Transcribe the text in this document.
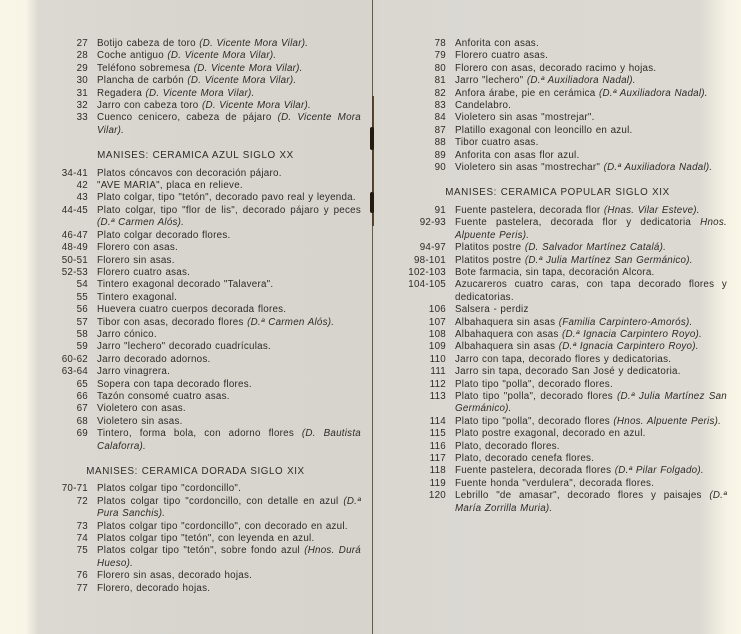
27 Botijo cabeza de toro (D. Vicente Mora Vilar).
28 Coche antiguo (D. Vicente Mora Vilar).
29 Teléfono sobremesa (D. Vicente Mora Vilar).
30 Plancha de carbón (D. Vicente Mora Vilar).
31 Regadera (D. Vicente Mora Vilar).
32 Jarro con cabeza toro (D. Vicente Mora Vilar).
33 Cuenco cenicero, cabeza de pájaro (D. Vicente Mora Vilar).
MANISES: CERAMICA AZUL SIGLO XX
34-41 Platos cóncavos con decoración pájaro.
42 "AVE MARIA", placa en relieve.
43 Plato colgar, tipo "tetón", decorado pavo real y leyenda.
44-45 Plato colgar, tipo "flor de lis", decorado pájaro y peces (D.ª Carmen Alós).
46-47 Plato colgar decorado flores.
48-49 Florero con asas.
50-51 Florero sin asas.
52-53 Florero cuatro asas.
54 Tintero exagonal decorado "Talavera".
55 Tintero exagonal.
56 Huevera cuatro cuerpos decorada flores.
57 Tibor con asas, decorado flores (D.ª Carmen Alós).
58 Jarro cónico.
59 Jarro "lechero" decorado cuadrículas.
60-62 Jarro decorado adornos.
63-64 Jarro vinagrera.
65 Sopera con tapa decorado flores.
66 Tazón consomé cuatro asas.
67 Violetero con asas.
68 Violetero sin asas.
69 Tintero, forma bola, con adorno flores (D. Bautista Calaforra).
MANISES: CERAMICA DORADA SIGLO XIX
70-71 Platos colgar tipo "cordoncillo".
72 Platos colgar tipo "cordoncillo, con detalle en azul (D.ª Pura Sanchis).
73 Platos colgar tipo "cordoncillo", con decorado en azul.
74 Platos colgar tipo "tetón", con leyenda en azul.
75 Platos colgar tipo "tetón", sobre fondo azul (Hnos. Durá Hueso).
76 Florero sin asas, decorado hojas.
77 Florero, decorado hojas.
78 Anforita con asas.
79 Florero cuatro asas.
80 Florero con asas, decorado racimo y hojas.
81 Jarro "lechero" (D.ª Auxiliadora Nadal).
82 Anfora árabe, pie en cerámica (D.ª Auxiliadora Nadal).
83 Candelabro.
84 Violetero sin asas "mostrejar".
87 Platillo exagonal con leoncillo en azul.
88 Tibor cuatro asas.
89 Anforita con asas flor azul.
90 Violetero sin asas "mostrechar" (D.ª Auxiliadora Nadal).
MANISES: CERAMICA POPULAR SIGLO XIX
91 Fuente pastelera, decorada flor (Hnas. Vilar Esteve).
92-93 Fuente pastelera, decorada flor y dedicatoria Hnos. Alpuente Peris).
94-97 Platitos postre (D. Salvador Martínez Catalá).
98-101 Platitos postre (D.ª Julia Martínez San Germánico).
102-103 Bote farmacia, sin tapa, decoración Alcora.
104-105 Azucareros cuatro caras, con tapa decorado flores y dedicatorias.
106 Salsera - perdiz
107 Albahaquera sin asas (Familia Carpintero-Amorós).
108 Albahaquera con asas (D.ª Ignacia Carpintero Royo).
109 Albahaquera sin asas (D.ª Ignacia Carpintero Royo).
110 Jarro con tapa, decorado flores y dedicatorias.
111 Jarro sin tapa, decorado San José y dedicatoria.
112 Plato tipo "polla", decorado flores.
113 Plato tipo "polla", decorado flores (D.ª Julia Martínez San Germánico).
114 Plato tipo "polla", decorado flores (Hnos. Alpuente Peris).
115 Plato postre exagonal, decorado en azul.
116 Plato, decorado flores.
117 Plato, decorado cenefa flores.
118 Fuente pastelera, decorada flores (D.ª Pilar Folgado).
119 Fuente honda "verdulera", decorada flores.
120 Lebrillo "de amasar", decorado flores y paisajes (D.ª María Zorrilla Muria).
